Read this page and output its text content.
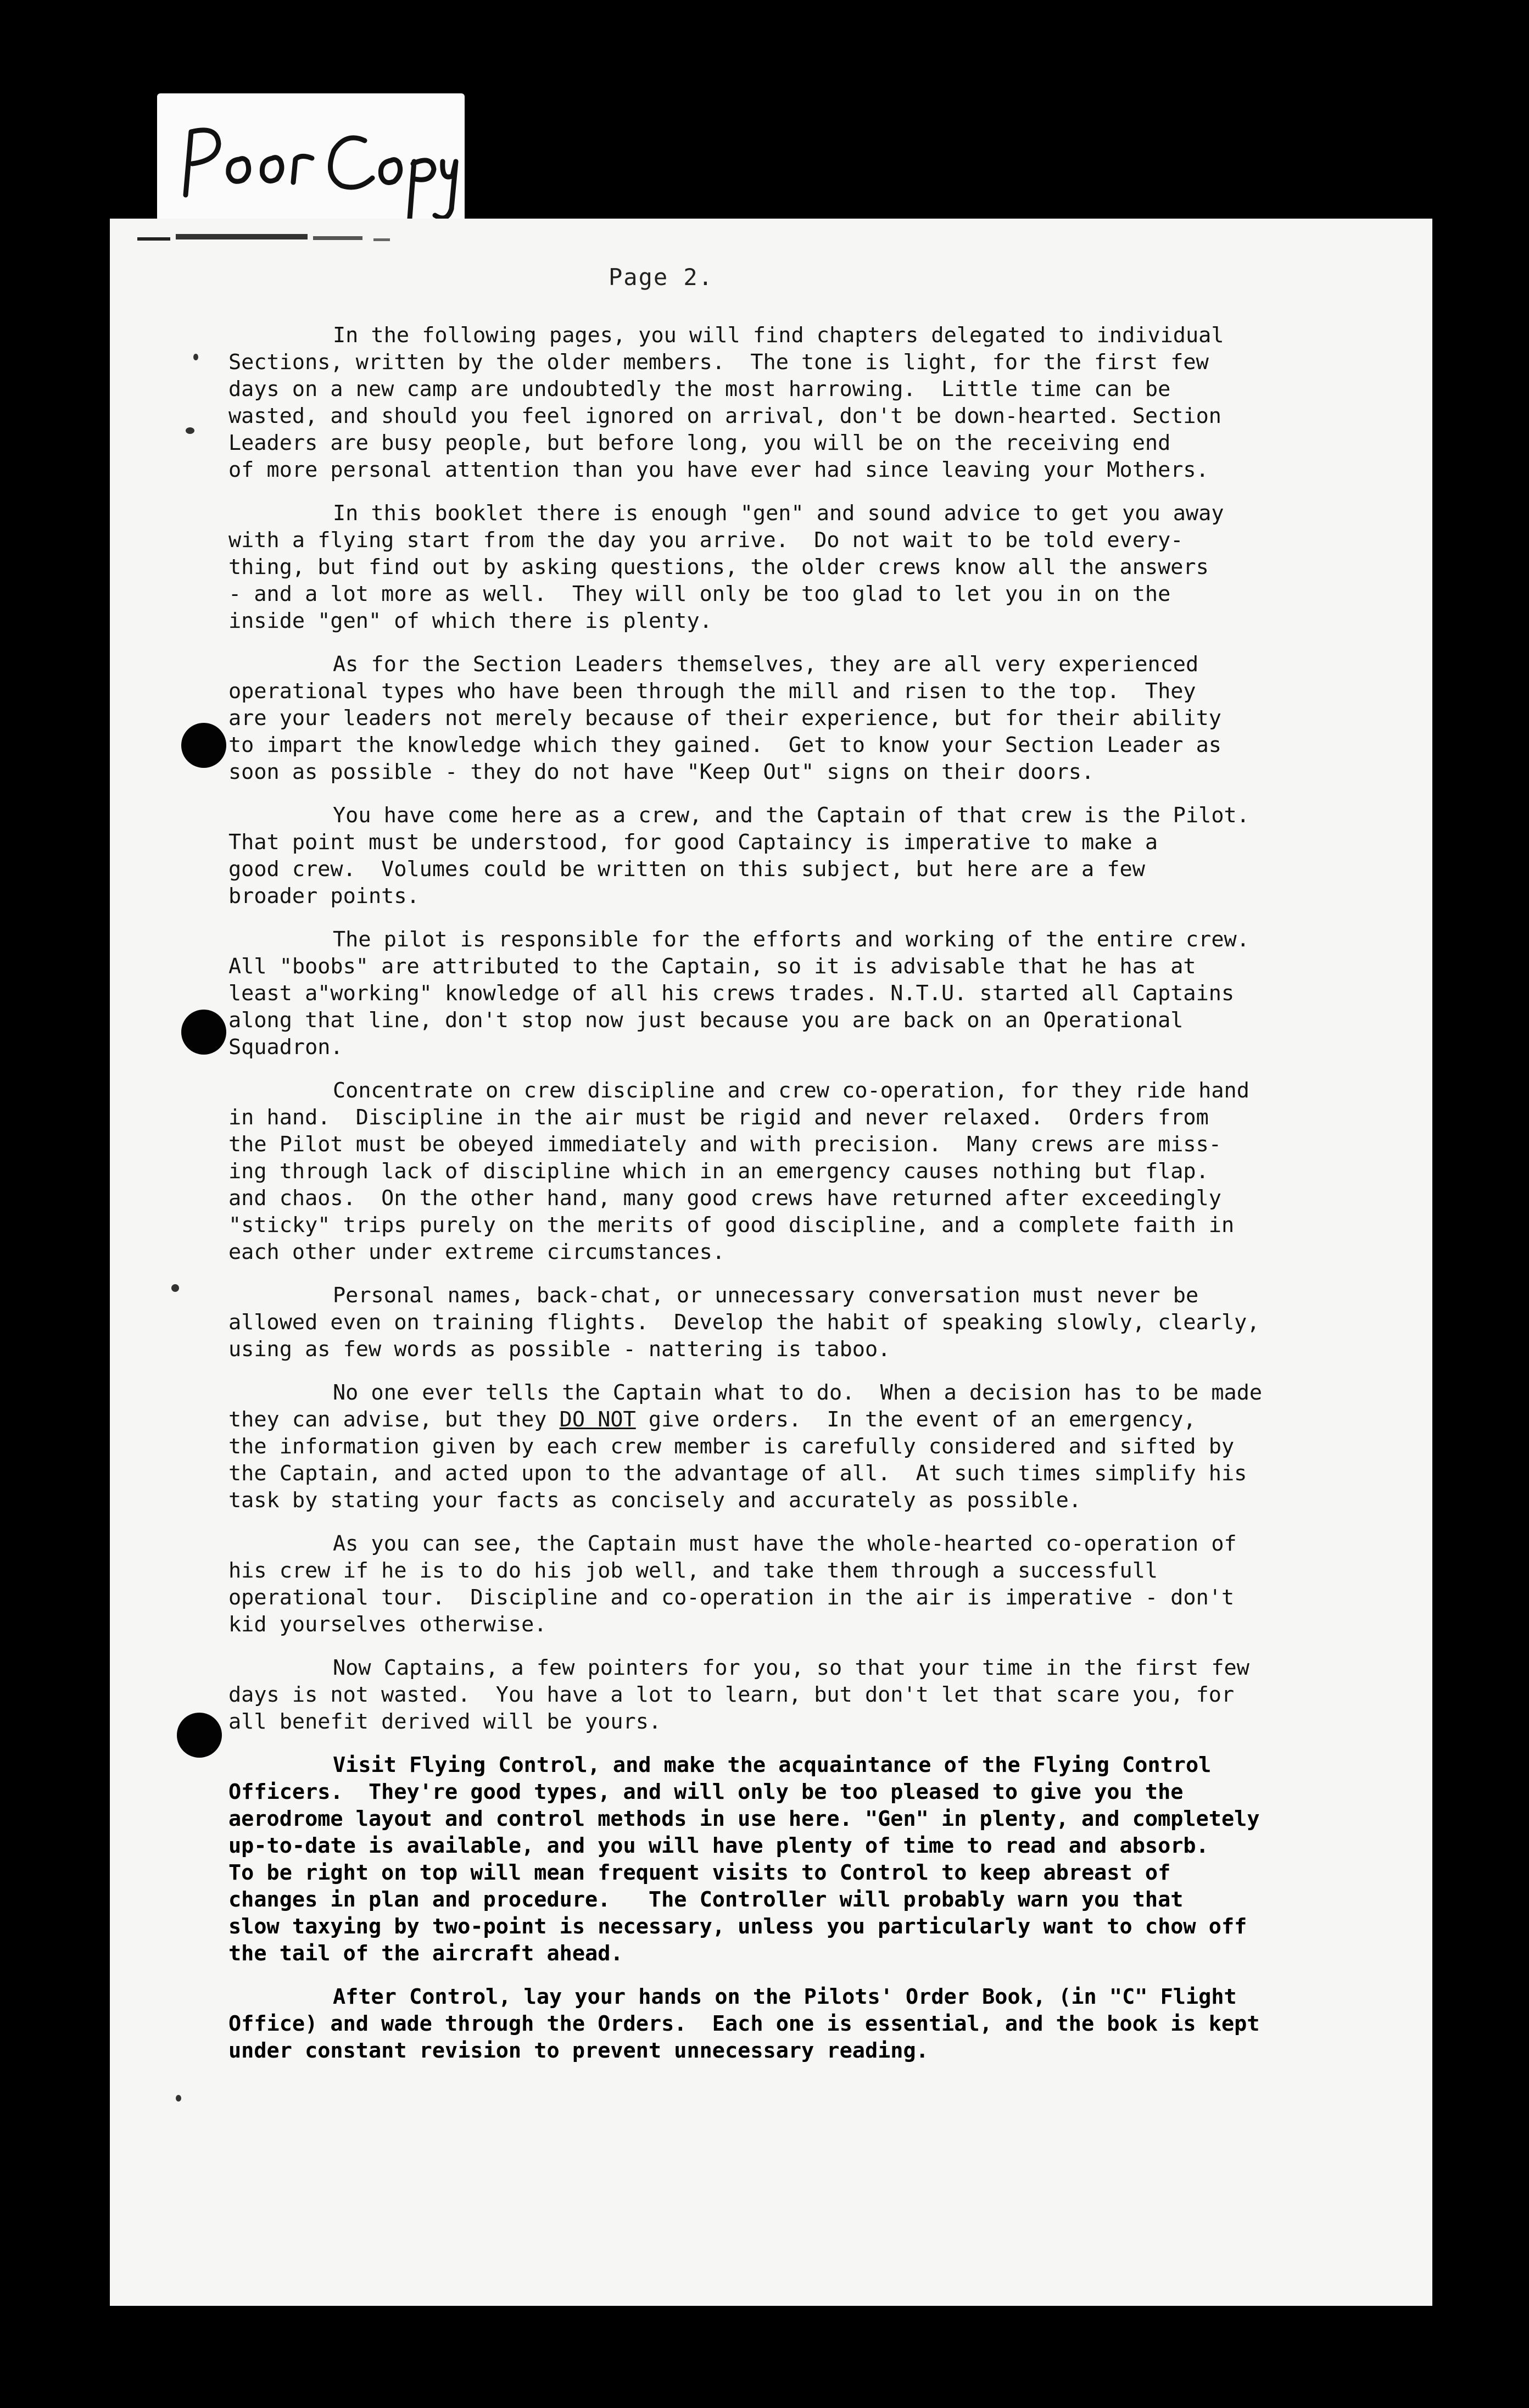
Page 2.

In the following pages, you will find chapters delegated to individual
Sections, written by the older members.  The tone is light, for the first few
days on a new camp are undoubtedly the most harrowing.  Little time can be
wasted, and should you feel ignored on arrival, don't be down-hearted. Section
Leaders are busy people, but before long, you will be on the receiving end
of more personal attention than you have ever had since leaving your Mothers.

In this booklet there is enough "gen" and sound advice to get you away
with a flying start from the day you arrive.  Do not wait to be told every-
thing, but find out by asking questions, the older crews know all the answers
- and a lot more as well.  They will only be too glad to let you in on the
inside "gen" of which there is plenty.

As for the Section Leaders themselves, they are all very experienced
operational types who have been through the mill and risen to the top.  They
are your leaders not merely because of their experience, but for their ability
to impart the knowledge which they gained.  Get to know your Section Leader as
soon as possible - they do not have "Keep Out" signs on their doors.

You have come here as a crew, and the Captain of that crew is the Pilot.
That point must be understood, for good Captaincy is imperative to make a
good crew.  Volumes could be written on this subject, but here are a few
broader points.

The pilot is responsible for the efforts and working of the entire crew.
All "boobs" are attributed to the Captain, so it is advisable that he has at
least a"working" knowledge of all his crews trades. N.T.U. started all Captains
along that line, don't stop now just because you are back on an Operational
Squadron.

Concentrate on crew discipline and crew co-operation, for they ride hand
in hand.  Discipline in the air must be rigid and never relaxed.  Orders from
the Pilot must be obeyed immediately and with precision.  Many crews are miss-
ing through lack of discipline which in an emergency causes nothing but flap.
and chaos.  On the other hand, many good crews have returned after exceedingly
"sticky" trips purely on the merits of good discipline, and a complete faith in
each other under extreme circumstances.

Personal names, back-chat, or unnecessary conversation must never be
allowed even on training flights.  Develop the habit of speaking slowly, clearly,
using as few words as possible - nattering is taboo.

No one ever tells the Captain what to do.  When a decision has to be made
they can advise, but they DO NOT give orders.  In the event of an emergency,
the information given by each crew member is carefully considered and sifted by
the Captain, and acted upon to the advantage of all.  At such times simplify his
task by stating your facts as concisely and accurately as possible.

As you can see, the Captain must have the whole-hearted co-operation of
his crew if he is to do his job well, and take them through a successfull
operational tour.  Discipline and co-operation in the air is imperative - don't
kid yourselves otherwise.

Now Captains, a few pointers for you, so that your time in the first few
days is not wasted.  You have a lot to learn, but don't let that scare you, for
all benefit derived will be yours.

Visit Flying Control, and make the acquaintance of the Flying Control
Officers.  They're good types, and will only be too pleased to give you the
aerodrome layout and control methods in use here. "Gen" in plenty, and completely
up-to-date is available, and you will have plenty of time to read and absorb.
To be right on top will mean frequent visits to Control to keep abreast of
changes in plan and procedure.   The Controller will probably warn you that
slow taxying by two-point is necessary, unless you particularly want to chow off
the tail of the aircraft ahead.

After Control, lay your hands on the Pilots' Order Book, (in "C" Flight
Office) and wade through the Orders.  Each one is essential, and the book is kept
under constant revision to prevent unnecessary reading.
